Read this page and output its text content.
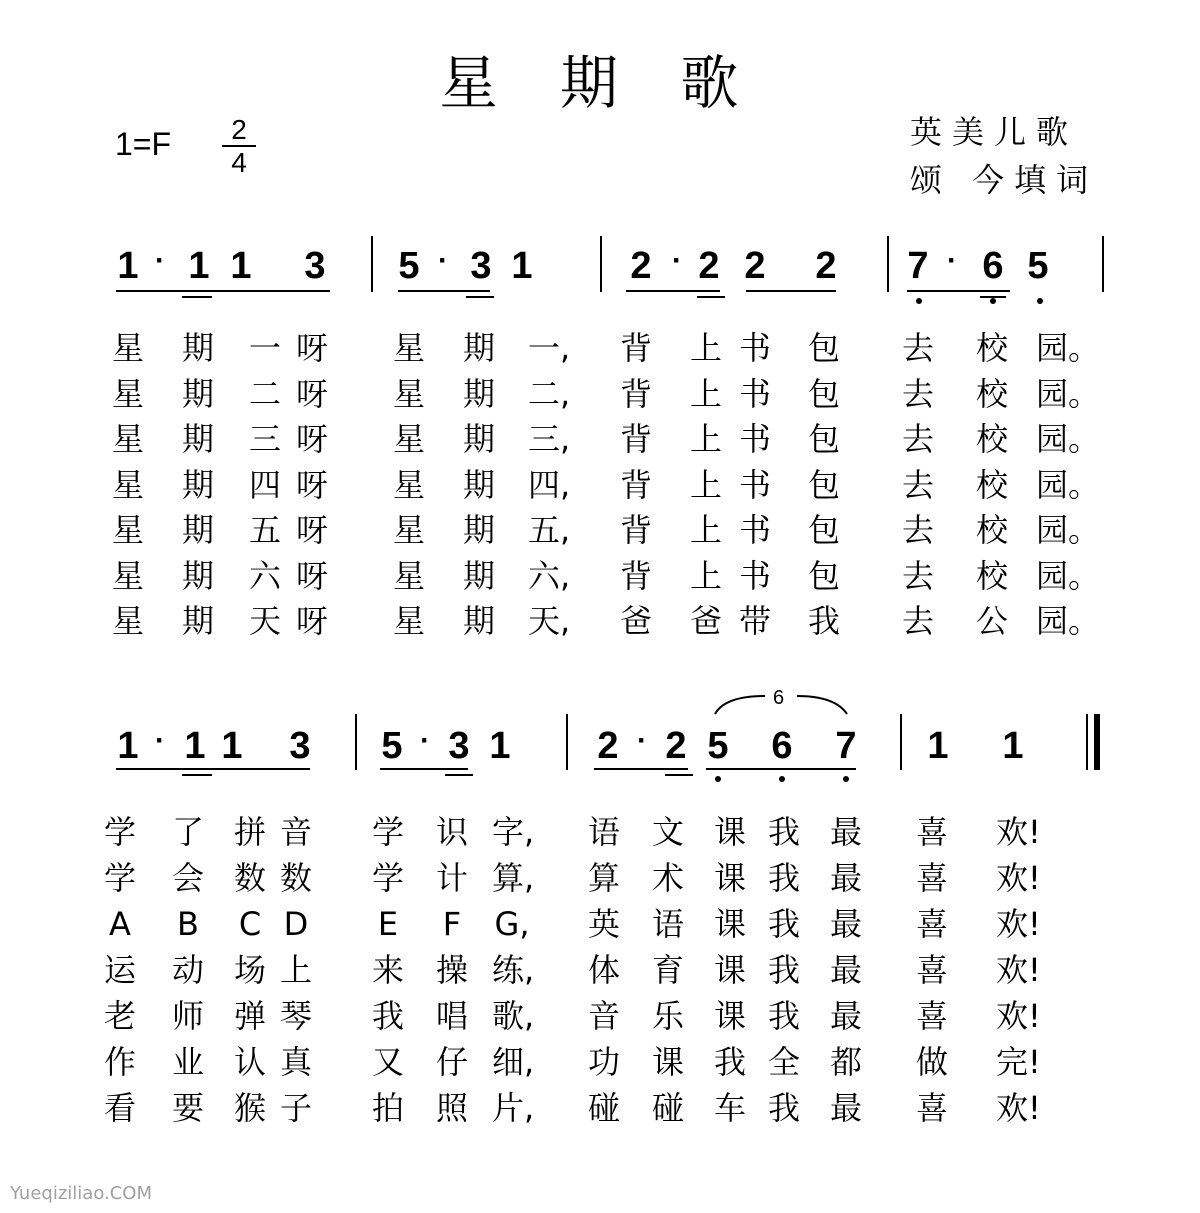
星 期 歌
1=F	2
4
英美儿歌
颂 今填词
1 · 1 1 3 5 · 3 1	2 · 2 2 2 7 · 6 5
星 期 一 呀 星 期 一, 背 上 书 包 去 校 园。
星 期 二 呀 星 期 二, 背 上 书 包 去 校 园。
星 期 三 呀 星 期 三, 背 上 书 包 去 校 园。
星 期 四 呀 星 期 四, 背 上 书 包 去 校 园。
星 期 五 呀 星 期 五, 背 上 书 包 去 校 园。
星 期 六 呀 星 期 六, 背 上 书 包 去 校 园。
星 期 天 呀 星 期 天, 爸 爸 带 我 去 公 园。
1 · 1 1 3 5 · 3 1 2 · 2 5 6 7 1 1
6
学 了 拼 音 学 识 字, 语 文 课 我 最 喜 欢!
学 会 数 数 学 计 算, 算 术 课 我 最 喜 欢!
A B C D	E	F	G, 英 语 课 我 最 喜 欢!
运 动 场 上 来 操 练, 体 育 课 我 最 喜 欢!
老 师 弹 琴 我 唱 歌, 音 乐 课 我 最 喜 欢!
作 业 认 真 又 仔 细, 功 课 我 全 都 做 完!
看 要 猴 子 拍 照 片, 碰 碰 车 我 最 喜 欢!
Yueqiziliao.COM
